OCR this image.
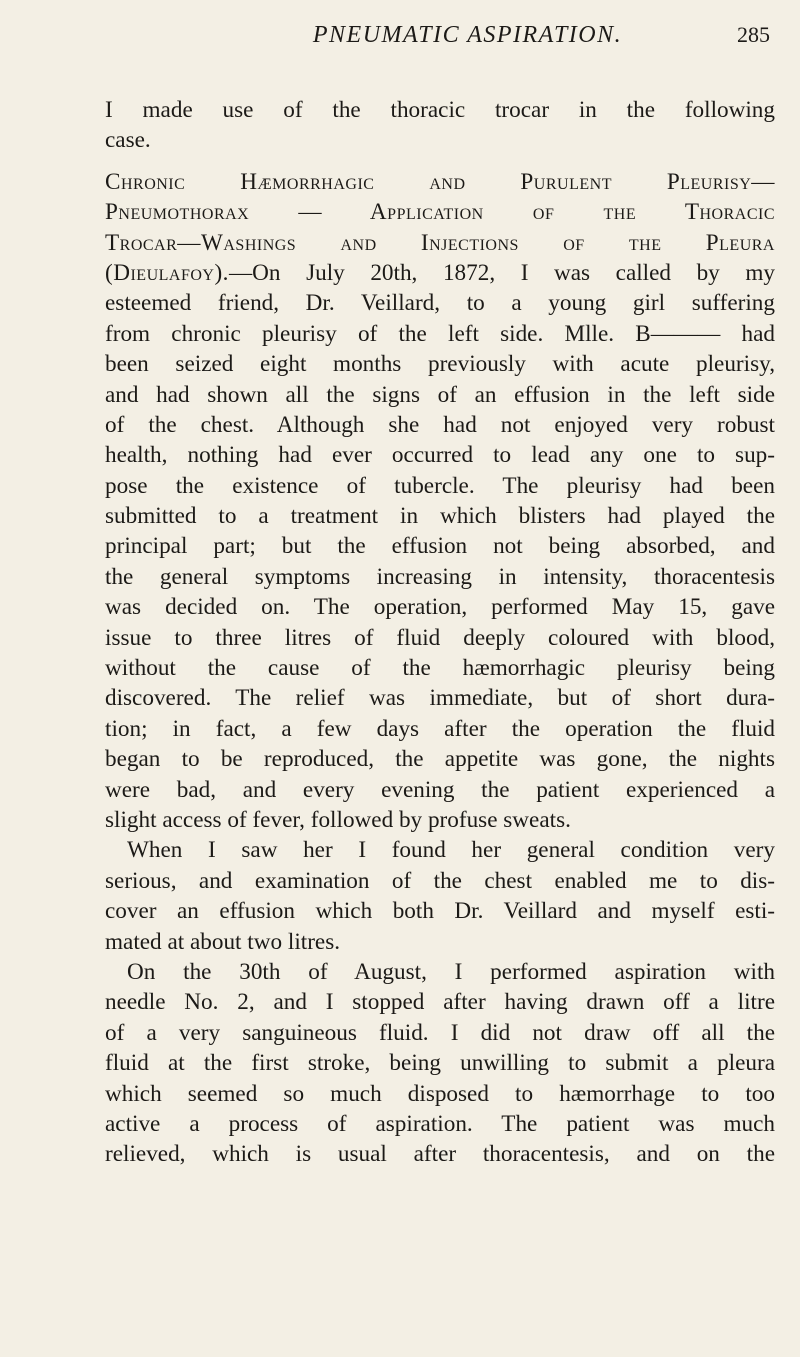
PNEUMATIC ASPIRATION.	285
I made use of the thoracic trocar in the following
case.
Chronic Hæmorrhagic and Purulent Pleurisy—
Pneumothorax — Application of the Thoracic
Trocar—Washings and Injections of the Pleura
(Dieulafoy).—On July 20th, 1872, I was called by my
esteemed friend, Dr. Veillard, to a young girl suffering
from chronic pleurisy of the left side. Mlle. B——— had
been seized eight months previously with acute pleurisy,
and had shown all the signs of an effusion in the left side
of the chest. Although she had not enjoyed very robust
health, nothing had ever occurred to lead any one to sup-
pose the existence of tubercle. The pleurisy had been
submitted to a treatment in which blisters had played the
principal part; but the effusion not being absorbed, and
the general symptoms increasing in intensity, thoracentesis
was decided on. The operation, performed May 15, gave
issue to three litres of fluid deeply coloured with blood,
without the cause of the hæmorrhagic pleurisy being
discovered. The relief was immediate, but of short dura-
tion; in fact, a few days after the operation the fluid
began to be reproduced, the appetite was gone, the nights
were bad, and every evening the patient experienced a
slight access of fever, followed by profuse sweats.
When I saw her I found her general condition very
serious, and examination of the chest enabled me to dis-
cover an effusion which both Dr. Veillard and myself esti-
mated at about two litres.
On the 30th of August, I performed aspiration with
needle No. 2, and I stopped after having drawn off a litre
of a very sanguineous fluid. I did not draw off all the
fluid at the first stroke, being unwilling to submit a pleura
which seemed so much disposed to hæmorrhage to too
active a process of aspiration. The patient was much
relieved, which is usual after thoracentesis, and on the
